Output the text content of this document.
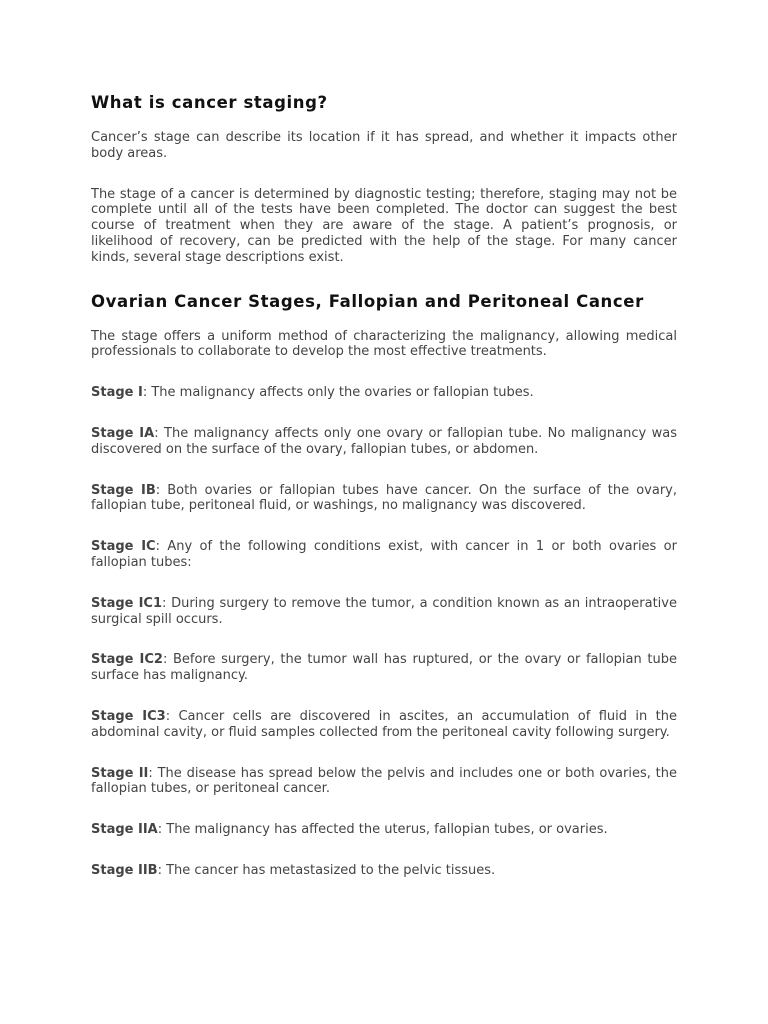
What is cancer staging?

Cancer’s stage can describe its location if it has spread, and whether it impacts other body areas.

The stage of a cancer is determined by diagnostic testing; therefore, staging may not be complete until all of the tests have been completed. The doctor can suggest the best course of treatment when they are aware of the stage. A patient’s prognosis, or likelihood of recovery, can be predicted with the help of the stage. For many cancer kinds, several stage descriptions exist.

Ovarian Cancer Stages, Fallopian and Peritoneal Cancer

The stage offers a uniform method of characterizing the malignancy, allowing medical professionals to collaborate to develop the most effective treatments.

Stage I: The malignancy affects only the ovaries or fallopian tubes.

Stage IA: The malignancy affects only one ovary or fallopian tube. No malignancy was discovered on the surface of the ovary, fallopian tubes, or abdomen.

Stage IB: Both ovaries or fallopian tubes have cancer. On the surface of the ovary, fallopian tube, peritoneal fluid, or washings, no malignancy was discovered.

Stage IC: Any of the following conditions exist, with cancer in 1 or both ovaries or fallopian tubes:

Stage IC1: During surgery to remove the tumor, a condition known as an intraoperative surgical spill occurs.

Stage IC2: Before surgery, the tumor wall has ruptured, or the ovary or fallopian tube surface has malignancy.

Stage IC3: Cancer cells are discovered in ascites, an accumulation of fluid in the abdominal cavity, or fluid samples collected from the peritoneal cavity following surgery.

Stage II: The disease has spread below the pelvis and includes one or both ovaries, the fallopian tubes, or peritoneal cancer.

Stage IIA: The malignancy has affected the uterus, fallopian tubes, or ovaries.

Stage IIB: The cancer has metastasized to the pelvic tissues.
